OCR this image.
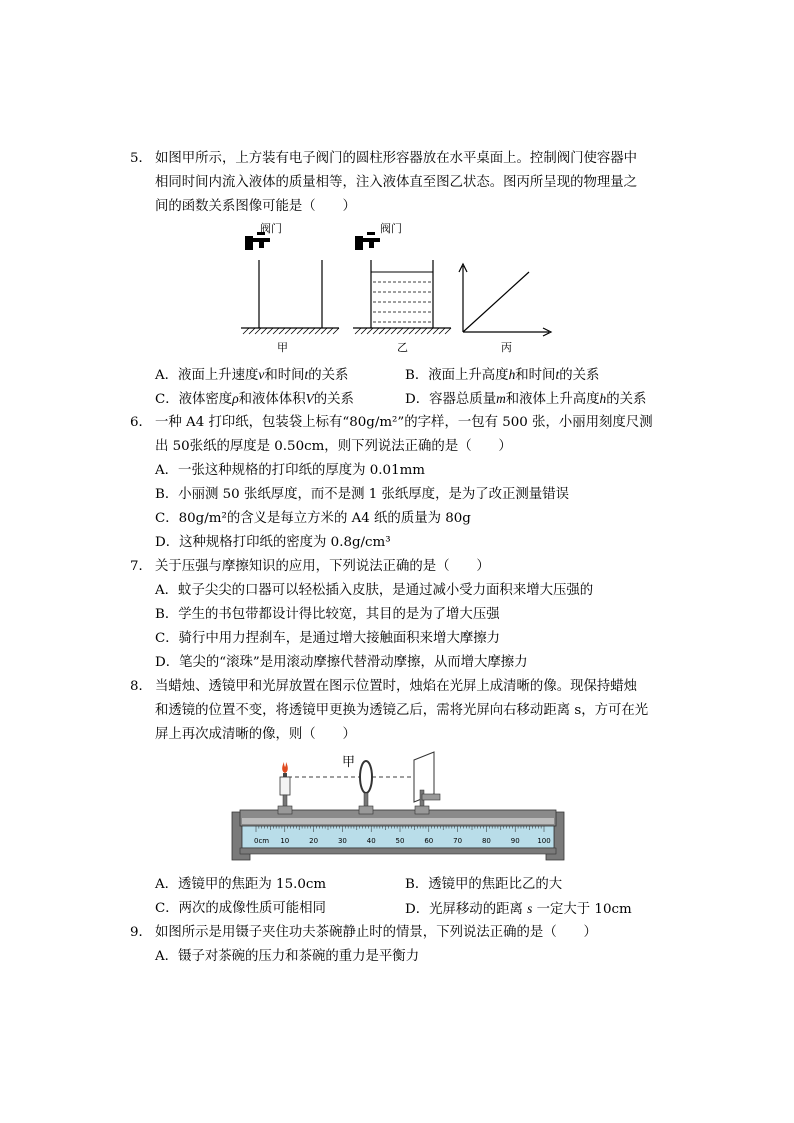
5． 如图甲所示，上方装有电子阀门的圆柱形容器放在水平桌面上。控制阀门使容器中
相同时间内流入液体的质量相等，注入液体直至图乙状态。图丙所呈现的物理量之
间的函数关系图像可能是（　　）
阀门
甲
阀门
乙	丙
A．液面上升速度v和时间t的关系	B．液面上升高度h和时间t的关系
C．液体密度ρ和液体体积V的关系	D．容器总质量m和液体上升高度h的关系
6． 一种 A4 打印纸，包装袋上标有“80g/m²”的字样，一包有 500 张，小丽用刻度尺测
出 50张纸的厚度是 0.50cm，则下列说法正确的是（　　）
A．一张这种规格的打印纸的厚度为 0.01mm
B．小丽测 50 张纸厚度，而不是测 1 张纸厚度，是为了改正测量错误
C．80g/m²的含义是每立方米的 A4 纸的质量为 80g
D．这种规格打印纸的密度为 0.8g/cm³
7． 关于压强与摩擦知识的应用，下列说法正确的是（　　）
A．蚊子尖尖的口器可以轻松插入皮肤，是通过减小受力面积来增大压强的
B．学生的书包带都设计得比较宽，其目的是为了增大压强
C．骑行中用力捏刹车，是通过增大接触面积来增大摩擦力
D．笔尖的“滚珠”是用滚动摩擦代替滑动摩擦，从而增大摩擦力
8． 当蜡烛、透镜甲和光屏放置在图示位置时，烛焰在光屏上成清晰的像。现保持蜡烛
和透镜的位置不变，将透镜甲更换为透镜乙后，需将光屏向右移动距离 s，方可在光
屏上再次成清晰的像，则（　　）
甲
0cm 10	20	30	40	50	60	70	80	90	100
A．透镜甲的焦距为 15.0cm	B．透镜甲的焦距比乙的大
C．两次的成像性质可能相同	D．光屏移动的距离 s 一定大于 10cm
9． 如图所示是用镊子夹住功夫茶碗静止时的情景，下列说法正确的是（　　）
A．镊子对茶碗的压力和茶碗的重力是平衡力
